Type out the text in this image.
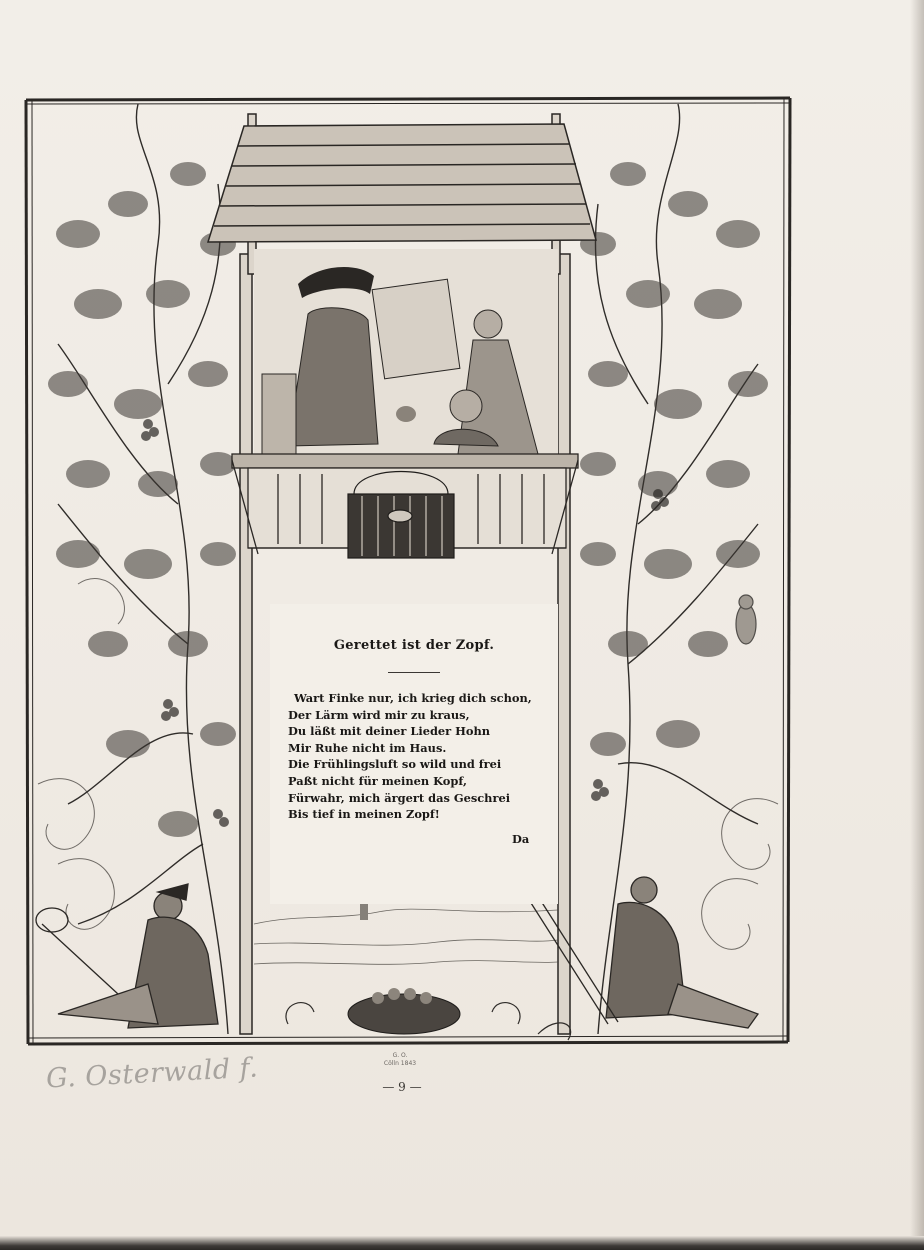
Gerettet ist der Zopf.
Wart Finke nur, ich krieg dich schon,
Der Lärm wird mir zu kraus,
Du läßt mit deiner Lieder Hohn
Mir Ruhe nicht im Haus.
Die Frühlingsluft so wild und frei
Paßt nicht für meinen Kopf,
Fürwahr, mich ärgert das Geschrei
Bis tief in meinen Zopf!
Da
G. Osterwald f.	G. O.
Cölln 1843
— 9 —
